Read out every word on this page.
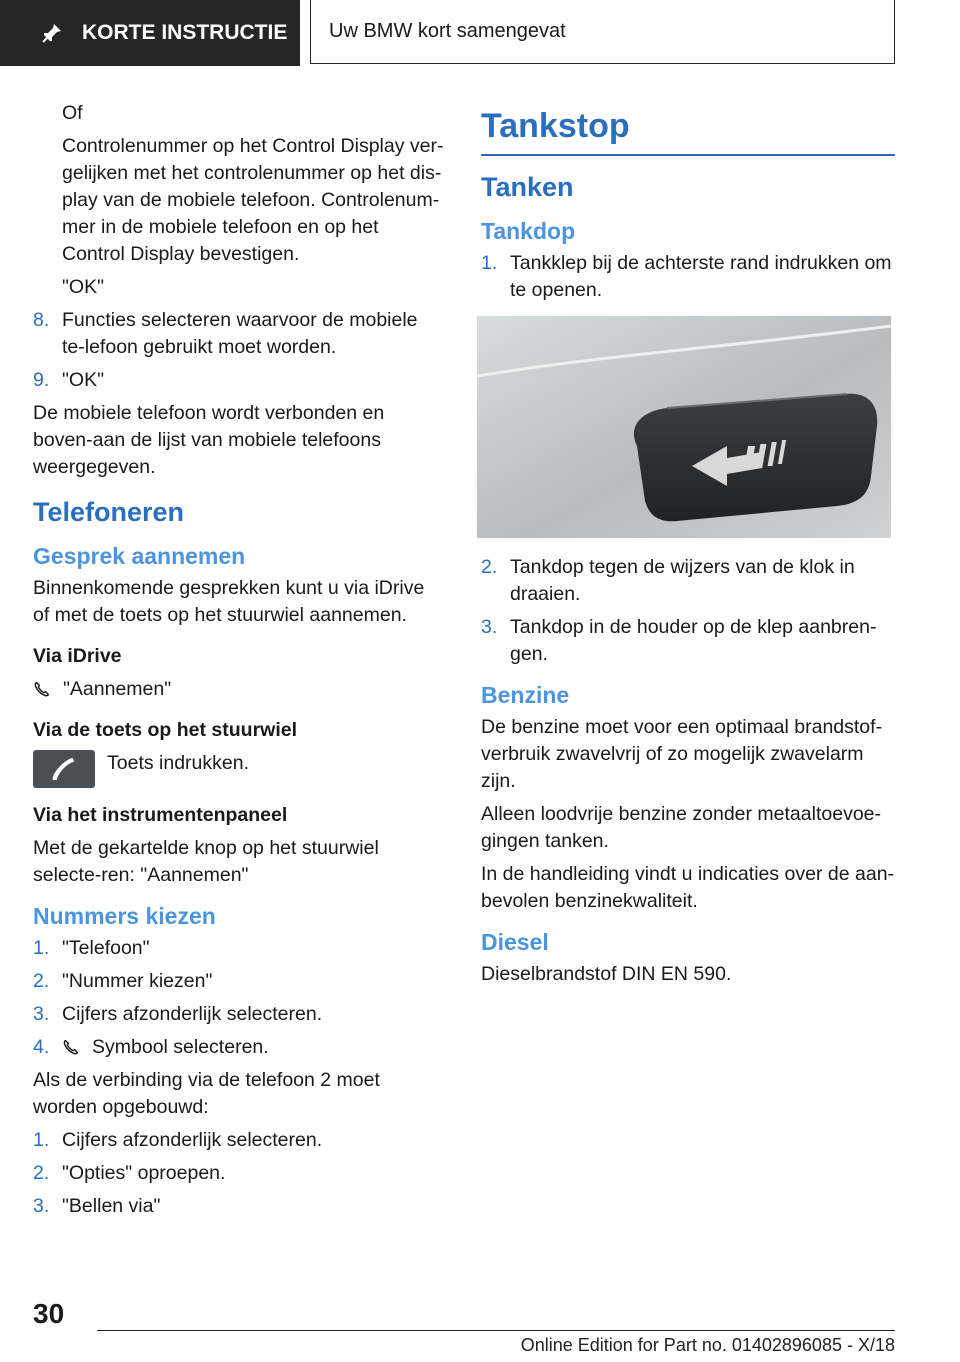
KORTE INSTRUCTIE Uw BMW kort samengevat

Of

Controlenummer op het Control Display ver-gelijken met het controlenummer op het dis-play van de mobiele telefoon. Controlenum-mer in de mobiele telefoon en op het Control Display bevestigen.

"OK"

8. Functies selecteren waarvoor de mobiele te-lefoon gebruikt moet worden.
9. "OK"

De mobiele telefoon wordt verbonden en boven-aan de lijst van mobiele telefoons weergegeven.

Telefoneren
Gesprek aannemen

Binnenkomende gesprekken kunt u via iDrive of met de toets op het stuurwiel aannemen.

Via iDrive

"Aannemen"

Via de toets op het stuurwiel
Toets indrukken.
Via het instrumentenpaneel

Met de gekartelde knop op het stuurwiel selecte-ren: "Aannemen"

Nummers kiezen
1. "Telefoon"
2. "Nummer kiezen"
3. Cijfers afzonderlijk selecteren.
4.	Symbool selecteren.

Als de verbinding via de telefoon 2 moet worden opgebouwd:

1. Cijfers afzonderlijk selecteren.
2. "Opties" oproepen.
3. "Bellen via"
Tankstop
Tanken
Tankdop
1. Tankklep bij de achterste rand indrukken om te openen.
2. Tankdop tegen de wijzers van de klok in draaien.
3. Tankdop in de houder op de klep aanbren-gen.
Benzine

De benzine moet voor een optimaal brandstof-verbruik zwavelvrij of zo mogelijk zwavelarm zijn.

Alleen loodvrije benzine zonder metaaltoevoe-gingen tanken.

In de handleiding vindt u indicaties over de aan-bevolen benzinekwaliteit.

Diesel

Dieselbrandstof DIN EN 590.

30
Online Edition for Part no. 01402896085 - X/18
